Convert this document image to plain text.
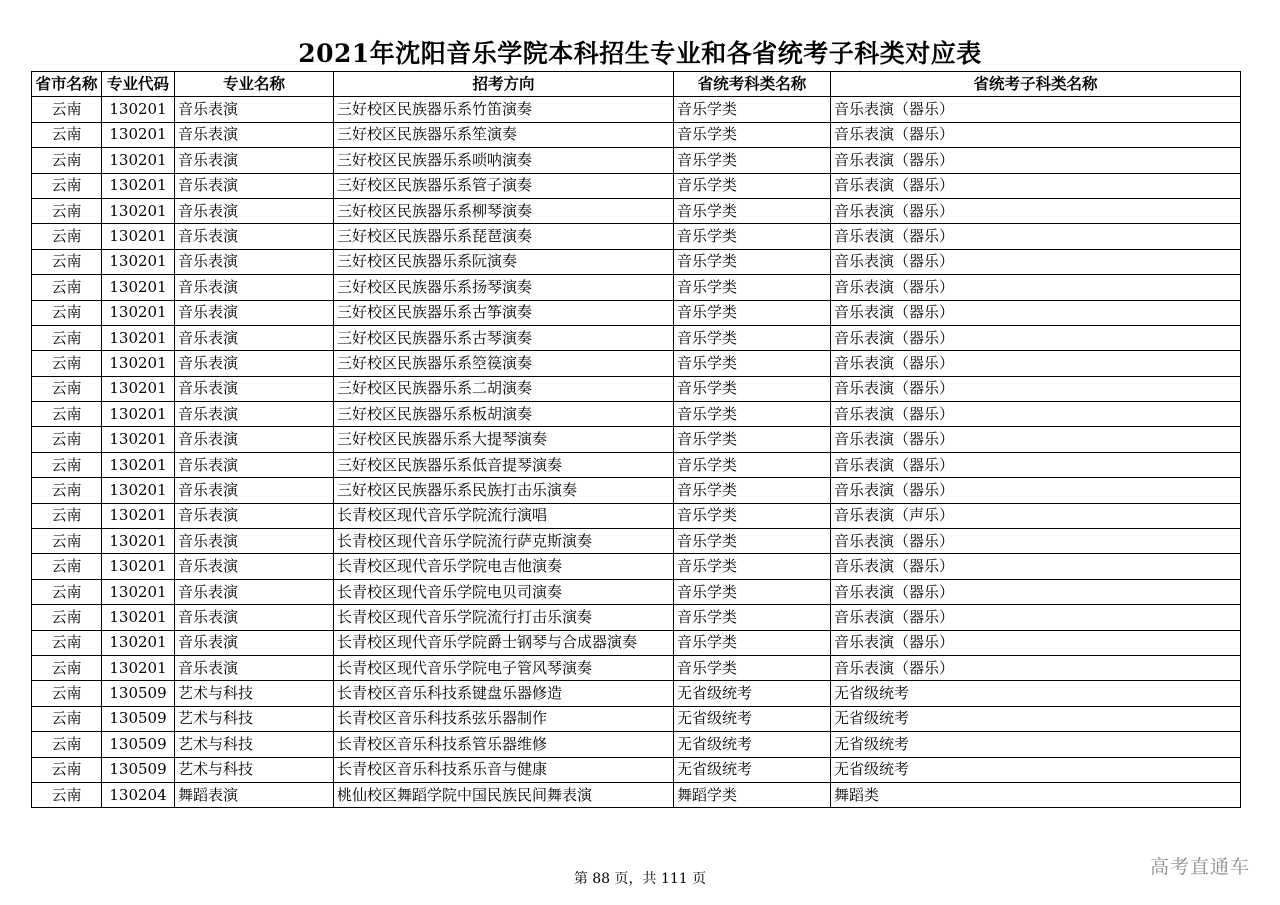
2021年沈阳音乐学院本科招生专业和各省统考子科类对应表
省市名称	专业代码	专业名称	招考方向	省统考科类名称	省统考子科类名称
云南	130201	音乐表演	三好校区民族器乐系竹笛演奏	音乐学类	音乐表演（器乐）
云南	130201	音乐表演	三好校区民族器乐系笙演奏	音乐学类	音乐表演（器乐）
云南	130201	音乐表演	三好校区民族器乐系唢呐演奏	音乐学类	音乐表演（器乐）
云南	130201	音乐表演	三好校区民族器乐系管子演奏	音乐学类	音乐表演（器乐）
云南	130201	音乐表演	三好校区民族器乐系柳琴演奏	音乐学类	音乐表演（器乐）
云南	130201	音乐表演	三好校区民族器乐系琵琶演奏	音乐学类	音乐表演（器乐）
云南	130201	音乐表演	三好校区民族器乐系阮演奏	音乐学类	音乐表演（器乐）
云南	130201	音乐表演	三好校区民族器乐系扬琴演奏	音乐学类	音乐表演（器乐）
云南	130201	音乐表演	三好校区民族器乐系古筝演奏	音乐学类	音乐表演（器乐）
云南	130201	音乐表演	三好校区民族器乐系古琴演奏	音乐学类	音乐表演（器乐）
云南	130201	音乐表演	三好校区民族器乐系箜篌演奏	音乐学类	音乐表演（器乐）
云南	130201	音乐表演	三好校区民族器乐系二胡演奏	音乐学类	音乐表演（器乐）
云南	130201	音乐表演	三好校区民族器乐系板胡演奏	音乐学类	音乐表演（器乐）
云南	130201	音乐表演	三好校区民族器乐系大提琴演奏	音乐学类	音乐表演（器乐）
云南	130201	音乐表演	三好校区民族器乐系低音提琴演奏	音乐学类	音乐表演（器乐）
云南	130201	音乐表演	三好校区民族器乐系民族打击乐演奏	音乐学类	音乐表演（器乐）
云南	130201	音乐表演	长青校区现代音乐学院流行演唱	音乐学类	音乐表演（声乐）
云南	130201	音乐表演	长青校区现代音乐学院流行萨克斯演奏	音乐学类	音乐表演（器乐）
云南	130201	音乐表演	长青校区现代音乐学院电吉他演奏	音乐学类	音乐表演（器乐）
云南	130201	音乐表演	长青校区现代音乐学院电贝司演奏	音乐学类	音乐表演（器乐）
云南	130201	音乐表演	长青校区现代音乐学院流行打击乐演奏	音乐学类	音乐表演（器乐）
云南	130201	音乐表演	长青校区现代音乐学院爵士钢琴与合成器演奏	音乐学类	音乐表演（器乐）
云南	130201	音乐表演	长青校区现代音乐学院电子管风琴演奏	音乐学类	音乐表演（器乐）
云南	130509	艺术与科技	长青校区音乐科技系键盘乐器修造	无省级统考	无省级统考
云南	130509	艺术与科技	长青校区音乐科技系弦乐器制作	无省级统考	无省级统考
云南	130509	艺术与科技	长青校区音乐科技系管乐器维修	无省级统考	无省级统考
云南	130509	艺术与科技	长青校区音乐科技系乐音与健康	无省级统考	无省级统考
云南	130204	舞蹈表演	桃仙校区舞蹈学院中国民族民间舞表演	舞蹈学类	舞蹈类
第 88 页，共 111 页
高考直通车
